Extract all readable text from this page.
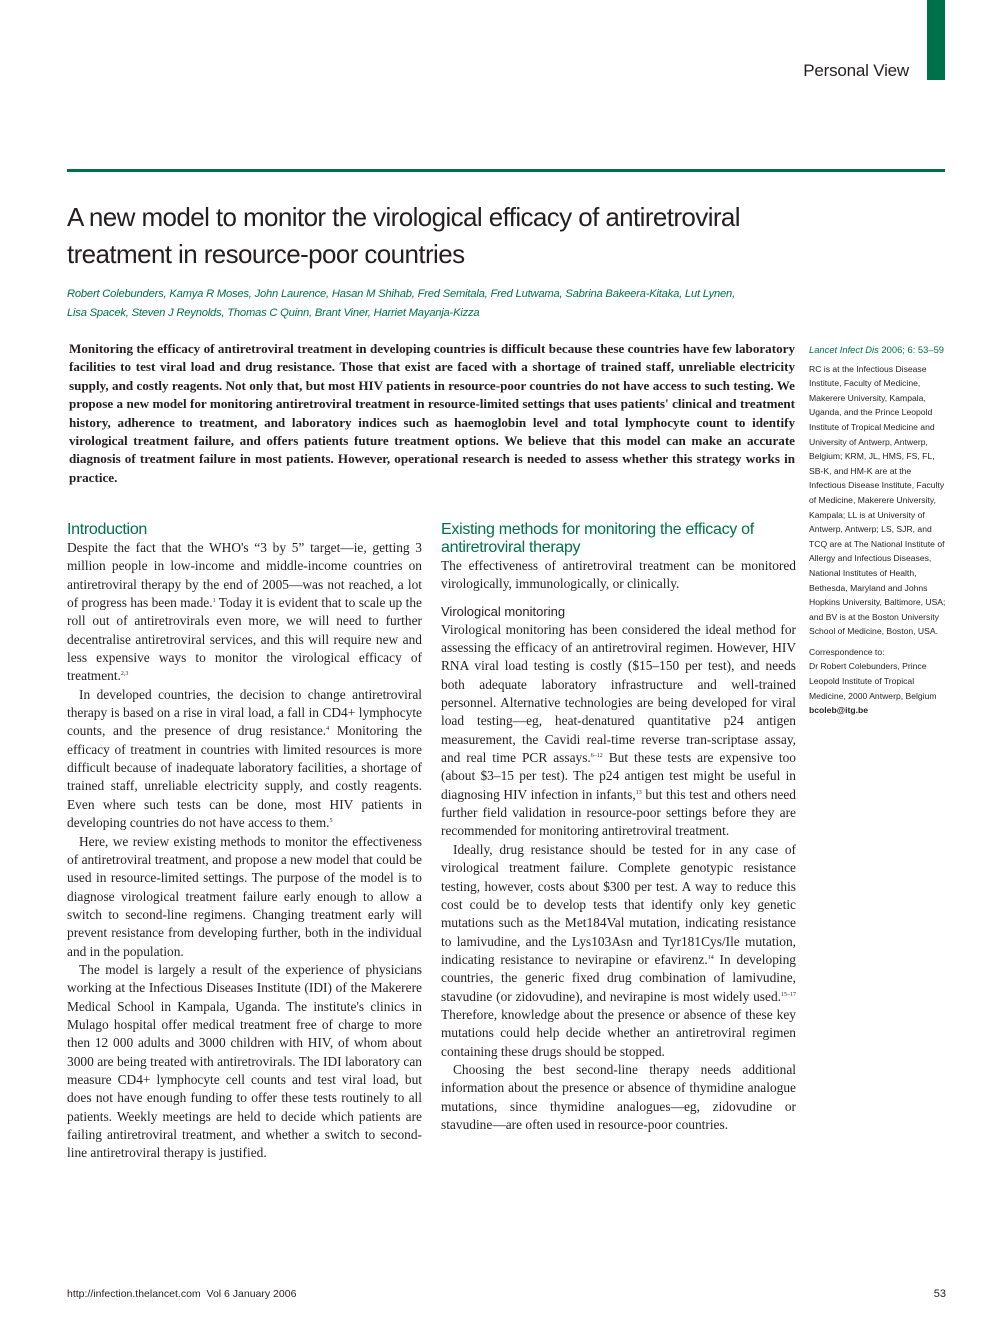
Personal View
A new model to monitor the virological efficacy of antiretroviral treatment in resource-poor countries
Robert Colebunders, Kamya R Moses, John Laurence, Hasan M Shihab, Fred Semitala, Fred Lutwama, Sabrina Bakeera-Kitaka, Lut Lynen,
Lisa Spacek, Steven J Reynolds, Thomas C Quinn, Brant Viner, Harriet Mayanja-Kizza

Monitoring the efficacy of antiretroviral treatment in developing countries is difficult because these countries have few laboratory facilities to test viral load and drug resistance. Those that exist are faced with a shortage of trained staff, unreliable electricity supply, and costly reagents. Not only that, but most HIV patients in resource-poor countries do not have access to such testing. We propose a new model for monitoring antiretroviral treatment in resource-limited settings that uses patients' clinical and treatment history, adherence to treatment, and laboratory indices such as haemoglobin level and total lymphocyte count to identify virological treatment failure, and offers patients future treatment options. We believe that this model can make an accurate diagnosis of treatment failure in most patients. However, operational research is needed to assess whether this strategy works in practice.

Introduction

Despite the fact that the WHO's “3 by 5” target—ie, getting 3 million people in low-income and middle-income countries on antiretroviral therapy by the end of 2005—was not reached, a lot of progress has been made.$^1$ Today it is evident that to scale up the roll out of antiretrovirals even more, we will need to further decentralise antiretroviral services, and this will require new and less expensive ways to monitor the virological efficacy of treatment.$^{2,3}$

In developed countries, the decision to change antiretroviral therapy is based on a rise in viral load, a fall in CD4+ lymphocyte counts, and the presence of drug resistance.$^4$ Monitoring the efficacy of treatment in countries with limited resources is more difficult because of inadequate laboratory facilities, a shortage of trained staff, unreliable electricity supply, and costly reagents. Even where such tests can be done, most HIV patients in developing countries do not have access to them.$^5$

Here, we review existing methods to monitor the effectiveness of antiretroviral treatment, and propose a new model that could be used in resource-limited settings. The purpose of the model is to diagnose virological treatment failure early enough to allow a switch to second-line regimens. Changing treatment early will prevent resistance from developing further, both in the individual and in the population.

The model is largely a result of the experience of physicians working at the Infectious Diseases Institute (IDI) of the Makerere Medical School in Kampala, Uganda. The institute's clinics in Mulago hospital offer medical treatment free of charge to more then 12 000 adults and 3000 children with HIV, of whom about 3000 are being treated with antiretrovirals. The IDI laboratory can measure CD4+ lymphocyte cell counts and test viral load, but does not have enough funding to offer these tests routinely to all patients. Weekly meetings are held to decide which patients are failing antiretroviral treatment, and whether a switch to second-line antiretroviral therapy is justified.

Existing methods for monitoring the efficacy of antiretroviral therapy

The effectiveness of antiretroviral treatment can be monitored virologically, immunologically, or clinically.

Virological monitoring

Virological monitoring has been considered the ideal method for assessing the efficacy of an antiretroviral regimen. However, HIV RNA viral load testing is costly ($15–150 per test), and needs both adequate laboratory infrastructure and well-trained personnel. Alternative technologies are being developed for viral load testing—eg, heat-denatured quantitative p24 antigen measurement, the Cavidi real-time reverse tran-scriptase assay, and real time PCR assays.$^{6-12}$ But these tests are expensive too (about $3–15 per test). The p24 antigen test might be useful in diagnosing HIV infection in infants,$^{13}$ but this test and others need further field validation in resource-poor settings before they are recommended for monitoring antiretroviral treatment.

Ideally, drug resistance should be tested for in any case of virological treatment failure. Complete genotypic resistance testing, however, costs about $300 per test. A way to reduce this cost could be to develop tests that identify only key genetic mutations such as the Met184Val mutation, indicating resistance to lamivudine, and the Lys103Asn and Tyr181Cys/Ile mutation, indicating resistance to nevirapine or efavirenz.$^{14}$ In developing countries, the generic fixed drug combination of lamivudine, stavudine (or zidovudine), and nevirapine is most widely used.$^{15-17}$ Therefore, knowledge about the presence or absence of these key mutations could help decide whether an antiretroviral regimen containing these drugs should be stopped.

Choosing the best second-line therapy needs additional information about the presence or absence of thymidine analogue mutations, since thymidine analogues—eg, zidovudine or stavudine—are often used in resource-poor countries.

Lancet Infect Dis 2006; 6: 53–59

RC is at the Infectious Disease Institute, Faculty of Medicine, Makerere University, Kampala, Uganda, and the Prince Leopold Institute of Tropical Medicine and University of Antwerp, Antwerp, Belgium; KRM, JL, HMS, FS, FL, SB-K, and HM-K are at the Infectious Disease Institute, Faculty of Medicine, Makerere University, Kampala; LL is at University of Antwerp, Antwerp; LS, SJR, and TCQ are at The National Institute of Allergy and Infectious Diseases, National Institutes of Health, Bethesda, Maryland and Johns Hopkins University, Baltimore, USA; and BV is at the Boston University School of Medicine, Boston, USA.

Correspondence to:

Dr Robert Colebunders, Prince Leopold Institute of Tropical Medicine, 2000 Antwerp, Belgium

bcoleb@itg.be

http://infection.thelancet.com Vol 6 January 2006	53
